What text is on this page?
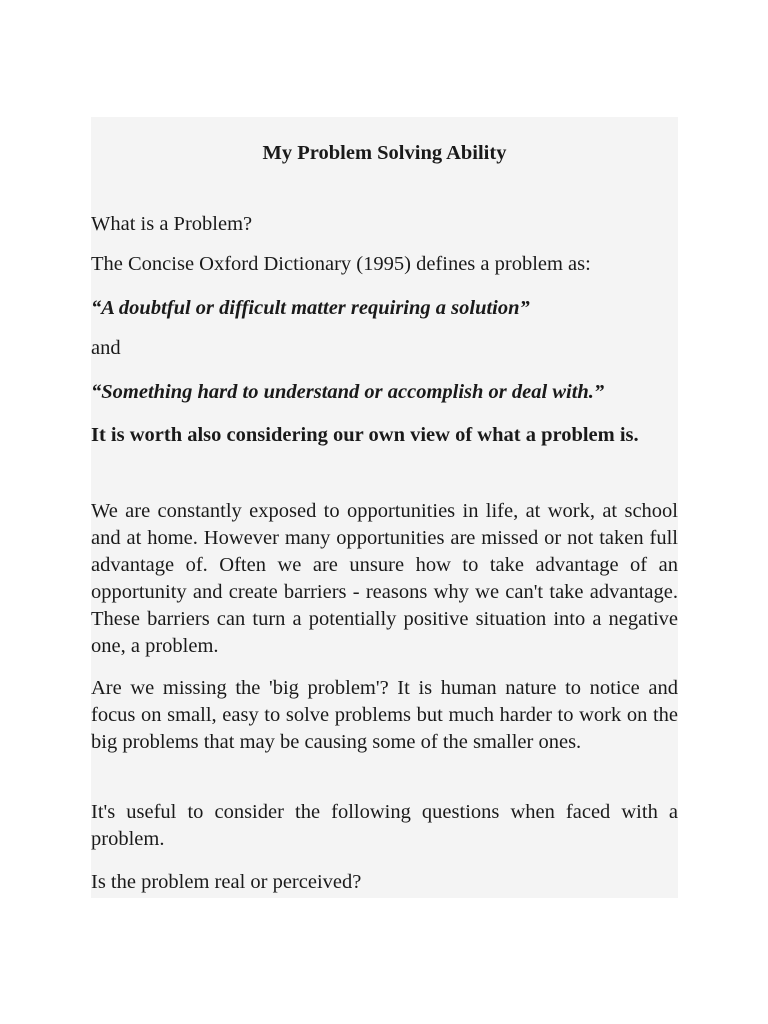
My Problem Solving Ability

What is a Problem?

The Concise Oxford Dictionary (1995) defines a problem as:

“A doubtful or difficult matter requiring a solution”

and

“Something hard to understand or accomplish or deal with.”

It is worth also considering our own view of what a problem is.

We are constantly exposed to opportunities in life, at work, at school and at home. However many opportunities are missed or not taken full advantage of. Often we are unsure how to take advantage of an opportunity and create barriers - reasons why we can't take advantage. These barriers can turn a potentially positive situation into a negative one, a problem.

Are we missing the 'big problem'? It is human nature to notice and focus on small, easy to solve problems but much harder to work on the big problems that may be causing some of the smaller ones.

It's useful to consider the following questions when faced with a problem.

Is the problem real or perceived?
